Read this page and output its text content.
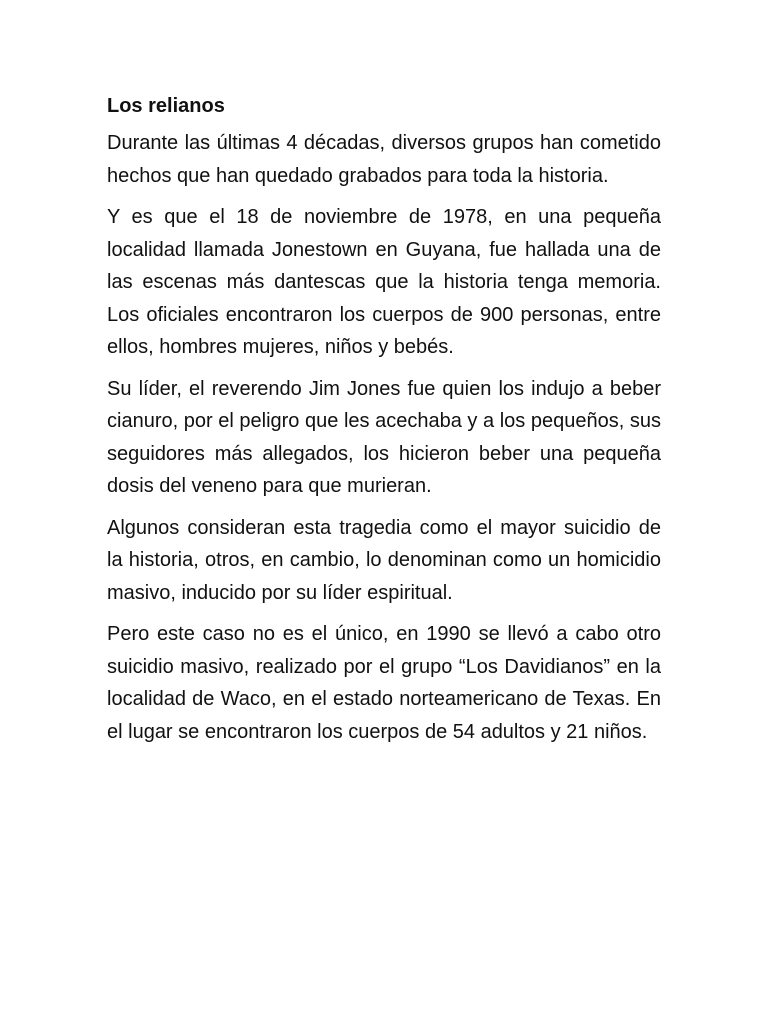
Los relianos

Durante las últimas 4 décadas, diversos grupos han cometido hechos que han quedado grabados para toda la historia.

Y es que el 18 de noviembre de 1978, en una pequeña localidad llamada Jonestown en Guyana, fue hallada una de las escenas más dantescas que la historia tenga memoria. Los oficiales encontraron los cuerpos de 900 personas, entre ellos, hombres mujeres, niños y bebés.

Su líder, el reverendo Jim Jones fue quien los indujo a beber cianuro, por el peligro que les acechaba y a los pequeños, sus seguidores más allegados, los hicieron beber una pequeña dosis del veneno para que murieran.

Algunos consideran esta tragedia como el mayor suicidio de la historia, otros, en cambio, lo denominan como un homicidio masivo, inducido por su líder espiritual.

Pero este caso no es el único, en 1990 se llevó a cabo otro suicidio masivo, realizado por el grupo “Los Davidianos” en la localidad de Waco, en el estado norteamericano de Texas. En el lugar se encontraron los cuerpos de 54 adultos y 21 niños.
